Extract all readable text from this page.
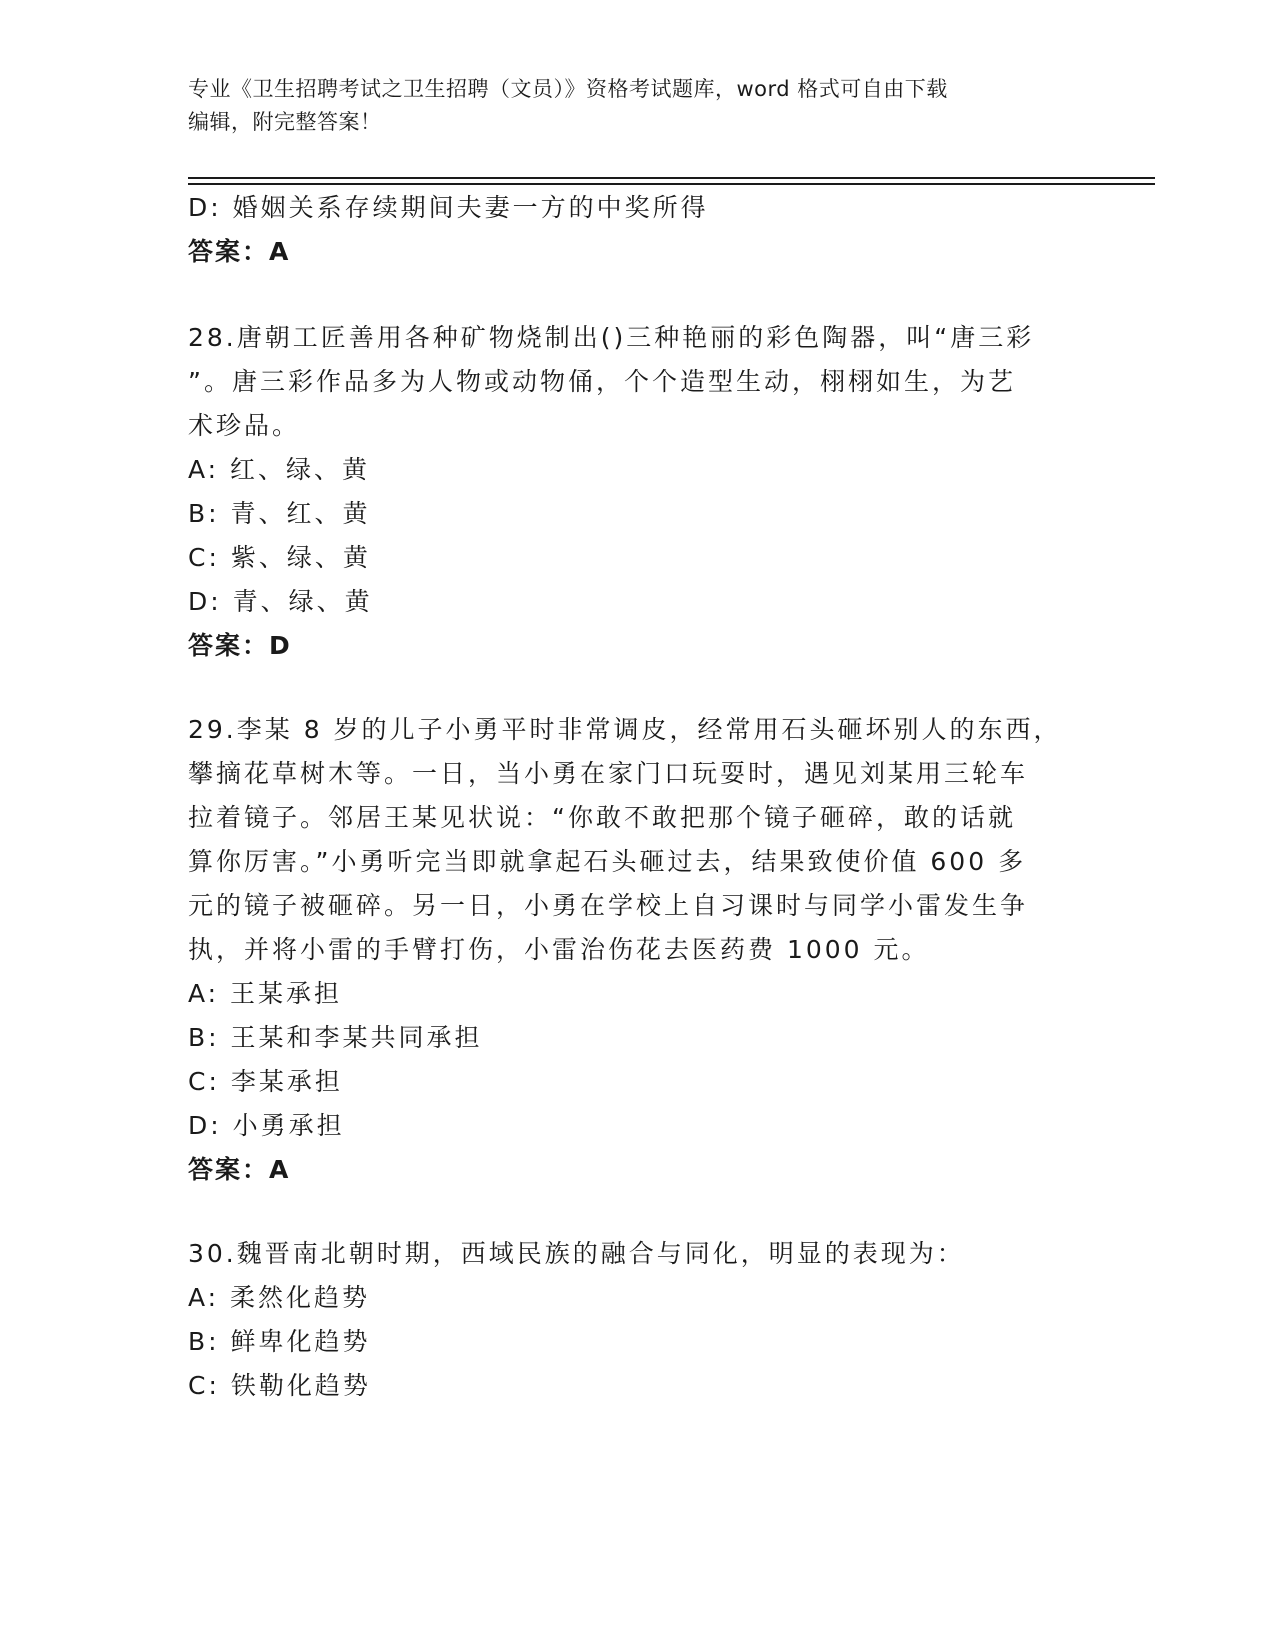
专业《卫生招聘考试之卫生招聘（文员）》资格考试题库，word 格式可自由下载
编辑，附完整答案！
D: 婚姻关系存续期间夫妻一方的中奖所得
答案：A
28.唐朝工匠善用各种矿物烧制出()三种艳丽的彩色陶器，叫“唐三彩
”。唐三彩作品多为人物或动物俑，个个造型生动，栩栩如生，为艺
术珍品。
A: 红、绿、黄
B: 青、红、黄
C: 紫、绿、黄
D: 青、绿、黄
答案：D
29.李某 8 岁的儿子小勇平时非常调皮，经常用石头砸坏别人的东西，
攀摘花草树木等。一日，当小勇在家门口玩耍时，遇见刘某用三轮车
拉着镜子。邻居王某见状说：“你敢不敢把那个镜子砸碎，敢的话就
算你厉害。”小勇听完当即就拿起石头砸过去，结果致使价值 600 多
元的镜子被砸碎。另一日，小勇在学校上自习课时与同学小雷发生争
执，并将小雷的手臂打伤，小雷治伤花去医药费 1000 元。
A: 王某承担
B: 王某和李某共同承担
C: 李某承担
D: 小勇承担
答案：A
30.魏晋南北朝时期，西域民族的融合与同化，明显的表现为：
A: 柔然化趋势
B: 鲜卑化趋势
C: 铁勒化趋势
